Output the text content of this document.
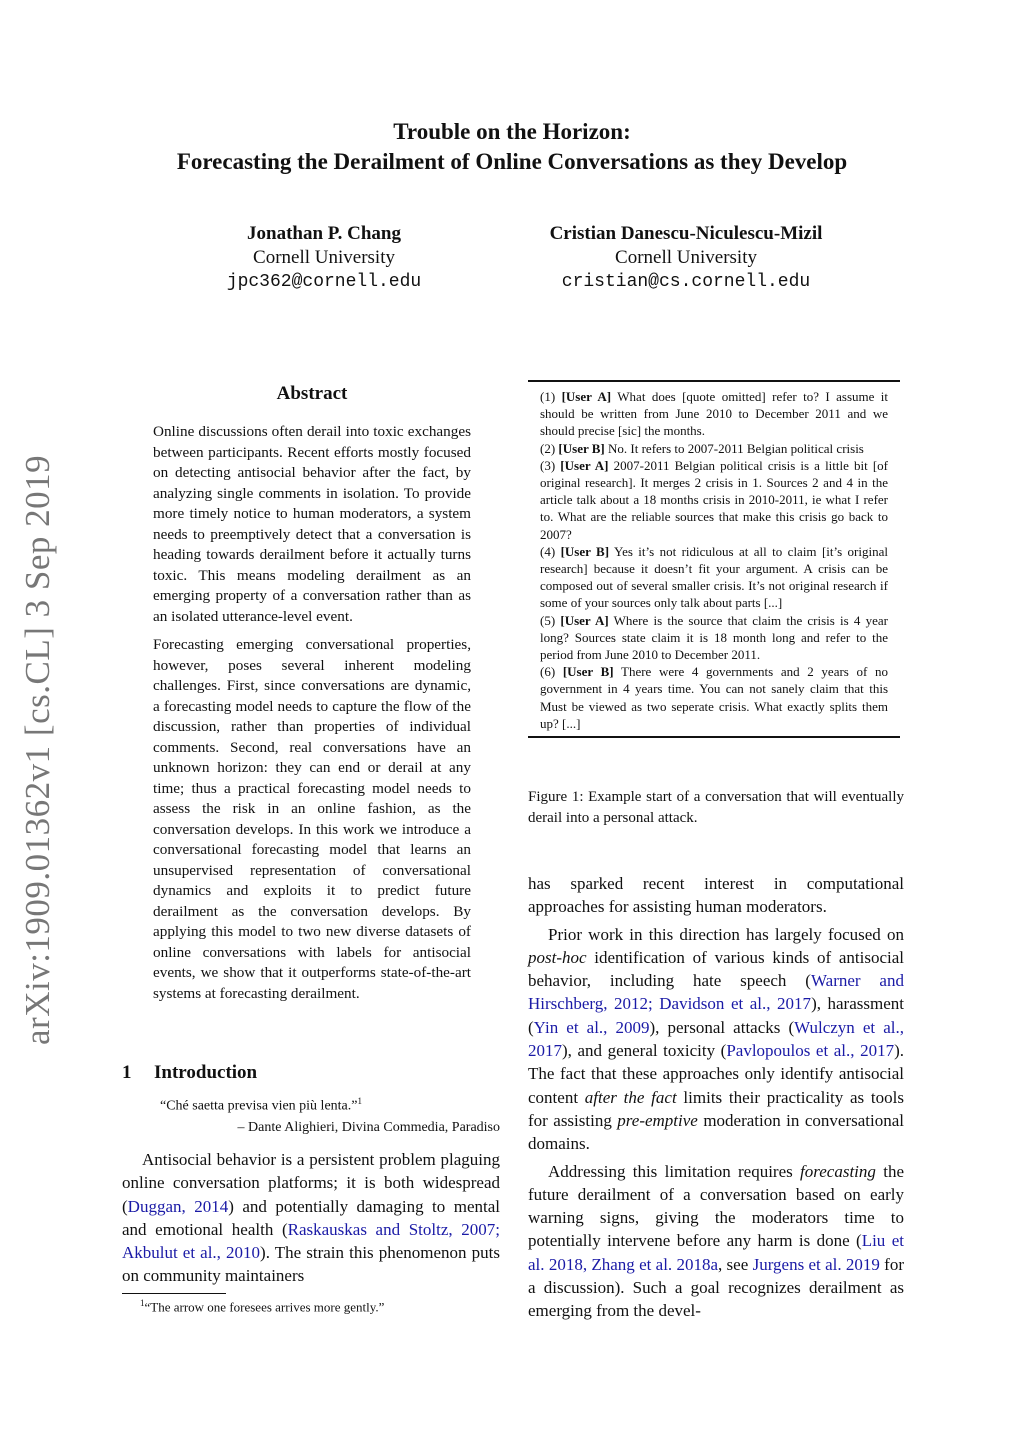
Trouble on the Horizon:
Forecasting the Derailment of Online Conversations as they Develop
Jonathan P. Chang
Cornell University
jpc362@cornell.edu
Cristian Danescu-Niculescu-Mizil
Cornell University
cristian@cs.cornell.edu
arXiv:1909.01362v1 [cs.CL] 3 Sep 2019
Abstract

Online discussions often derail into toxic exchanges between participants. Recent efforts mostly focused on detecting antisocial behavior after the fact, by analyzing single comments in isolation. To provide more timely notice to human moderators, a system needs to preemptively detect that a conversation is heading towards derailment before it actually turns toxic. This means modeling derailment as an emerging property of a conversation rather than as an isolated utterance-level event.

Forecasting emerging conversational properties, however, poses several inherent modeling challenges. First, since conversations are dynamic, a forecasting model needs to capture the flow of the discussion, rather than properties of individual comments. Second, real conversations have an unknown horizon: they can end or derail at any time; thus a practical forecasting model needs to assess the risk in an online fashion, as the conversation develops. In this work we introduce a conversational forecasting model that learns an unsupervised representation of conversational dynamics and exploits it to predict future derailment as the conversation develops. By applying this model to two new diverse datasets of online conversations with labels for antisocial events, we show that it outperforms state-of-the-art systems at forecasting derailment.

1 Introduction
“Ché saetta previsa vien più lenta.”$^1$
– Dante Alighieri, Divina Commedia, Paradiso

Antisocial behavior is a persistent problem plaguing online conversation platforms; it is both widespread (Duggan, 2014) and potentially damaging to mental and emotional health (Raskauskas and Stoltz, 2007; Akbulut et al., 2010). The strain this phenomenon puts on community maintainers

$^1$“The arrow one foresees arrives more gently.”
(1) [User A] What does [quote omitted] refer to? I assume it should be written from June 2010 to December 2011 and we should precise [sic] the months.
(2) [User B] No. It refers to 2007-2011 Belgian political crisis
(3) [User A] 2007-2011 Belgian political crisis is a little bit [of original research]. It merges 2 crisis in 1. Sources 2 and 4 in the article talk about a 18 months crisis in 2010-2011, ie what I refer to. What are the reliable sources that make this crisis go back to 2007?
(4) [User B] Yes it’s not ridiculous at all to claim [it’s original research] because it doesn’t fit your argument. A crisis can be composed out of several smaller crisis. It’s not original research if some of your sources only talk about parts [...]
(5) [User A] Where is the source that claim the crisis is 4 year long? Sources state claim it is 18 month long and refer to the period from June 2010 to December 2011.
(6) [User B] There were 4 governments and 2 years of no government in 4 years time. You can not sanely claim that this Must be viewed as two seperate crisis. What exactly splits them up? [...]
Figure 1: Example start of a conversation that will eventually derail into a personal attack.

has sparked recent interest in computational approaches for assisting human moderators.

Prior work in this direction has largely focused on post-hoc identification of various kinds of antisocial behavior, including hate speech (Warner and Hirschberg, 2012; Davidson et al., 2017), harassment (Yin et al., 2009), personal attacks (Wulczyn et al., 2017), and general toxicity (Pavlopoulos et al., 2017). The fact that these approaches only identify antisocial content after the fact limits their practicality as tools for assisting pre-emptive moderation in conversational domains.

Addressing this limitation requires forecasting the future derailment of a conversation based on early warning signs, giving the moderators time to potentially intervene before any harm is done (Liu et al. 2018, Zhang et al. 2018a, see Jurgens et al. 2019 for a discussion). Such a goal recognizes derailment as emerging from the devel-
